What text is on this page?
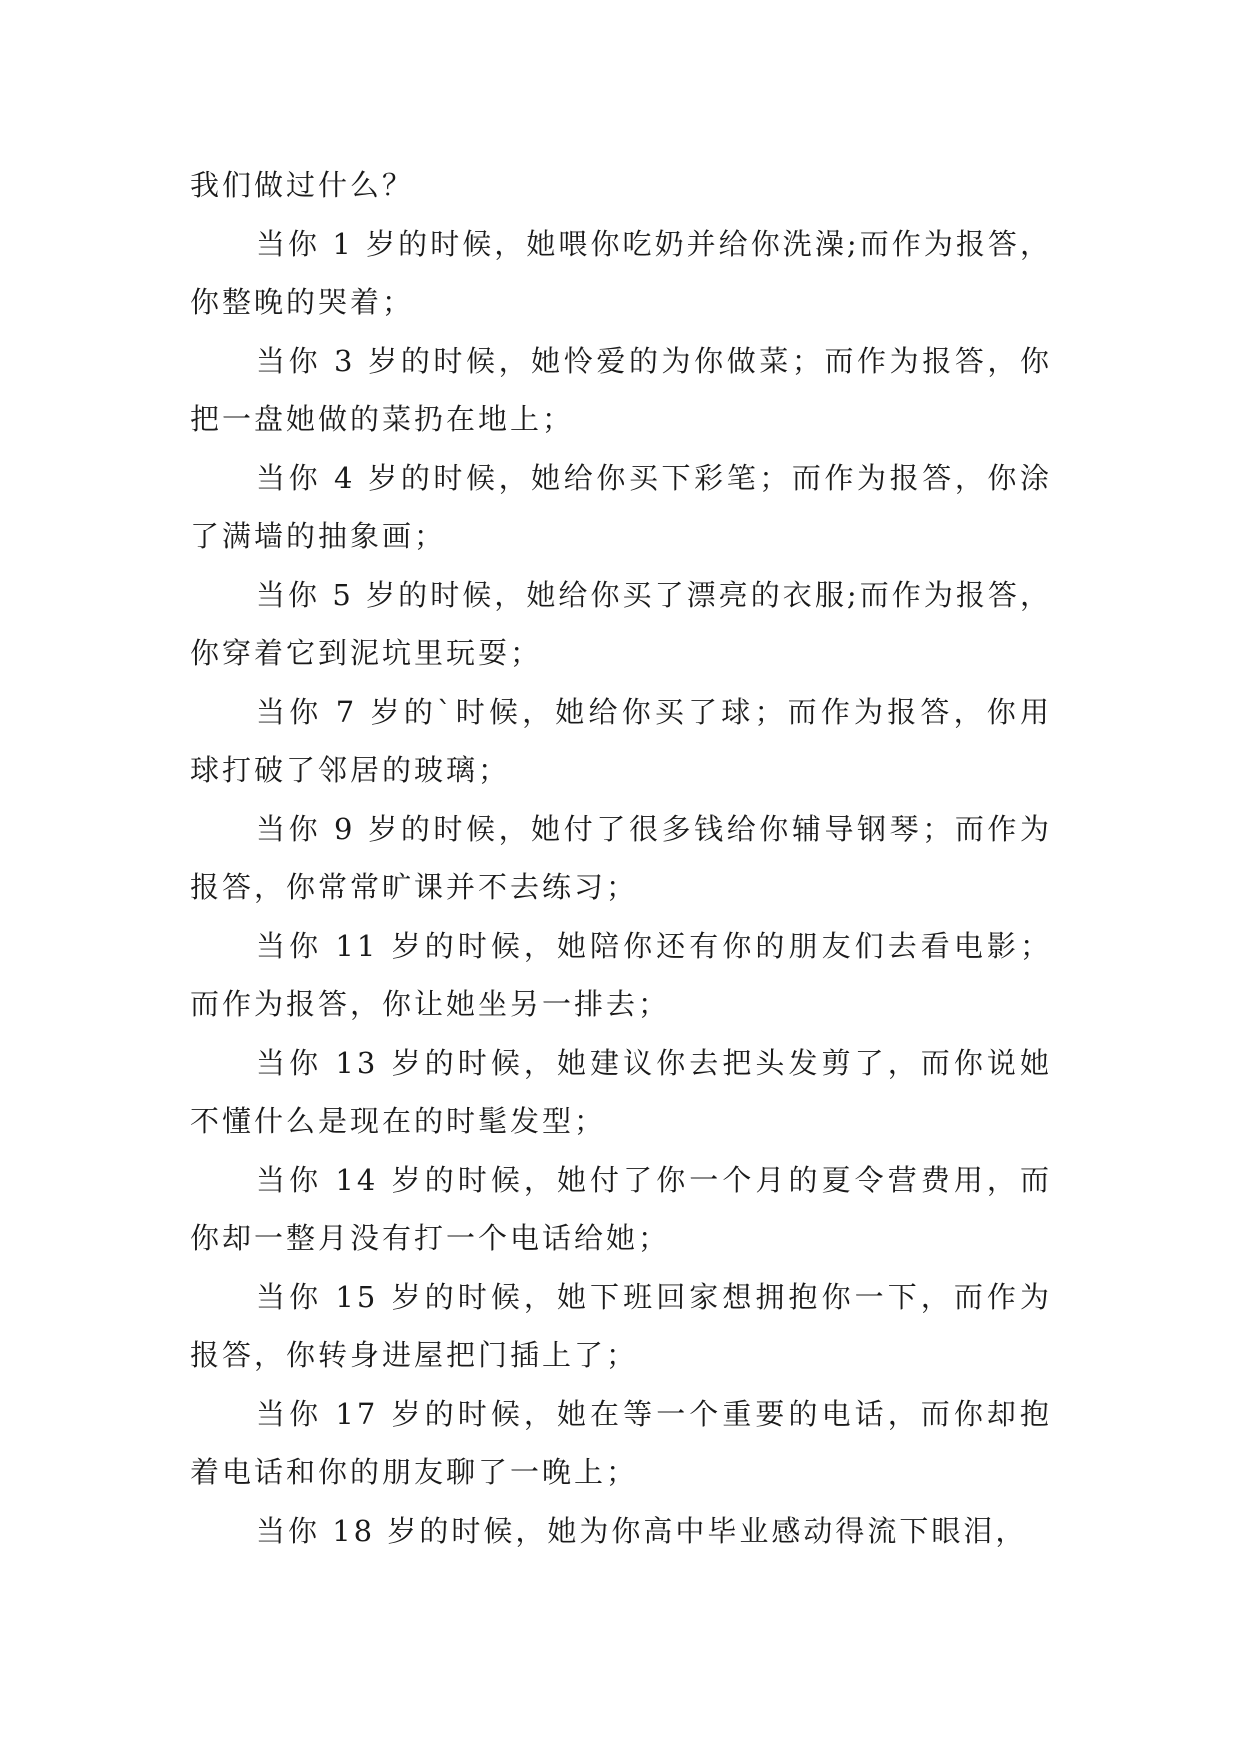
我们做过什么？

当你 1 岁的时候，她喂你吃奶并给你洗澡;而作为报答，你整晚的哭着；

当你 3 岁的时候，她怜爱的为你做菜；而作为报答，你把一盘她做的菜扔在地上；

当你 4 岁的时候，她给你买下彩笔；而作为报答，你涂了满墙的抽象画；

当你 5 岁的时候，她给你买了漂亮的衣服;而作为报答，你穿着它到泥坑里玩耍；

当你 7 岁的`时候，她给你买了球；而作为报答，你用球打破了邻居的玻璃；

当你 9 岁的时候，她付了很多钱给你辅导钢琴；而作为报答，你常常旷课并不去练习；

当你 11 岁的时候，她陪你还有你的朋友们去看电影；而作为报答，你让她坐另一排去；

当你 13 岁的时候，她建议你去把头发剪了，而你说她不懂什么是现在的时髦发型；

当你 14 岁的时候，她付了你一个月的夏令营费用，而你却一整月没有打一个电话给她；

当你 15 岁的时候，她下班回家想拥抱你一下，而作为报答，你转身进屋把门插上了；

当你 17 岁的时候，她在等一个重要的电话，而你却抱着电话和你的朋友聊了一晚上；

当你 18 岁的时候，她为你高中毕业感动得流下眼泪，
